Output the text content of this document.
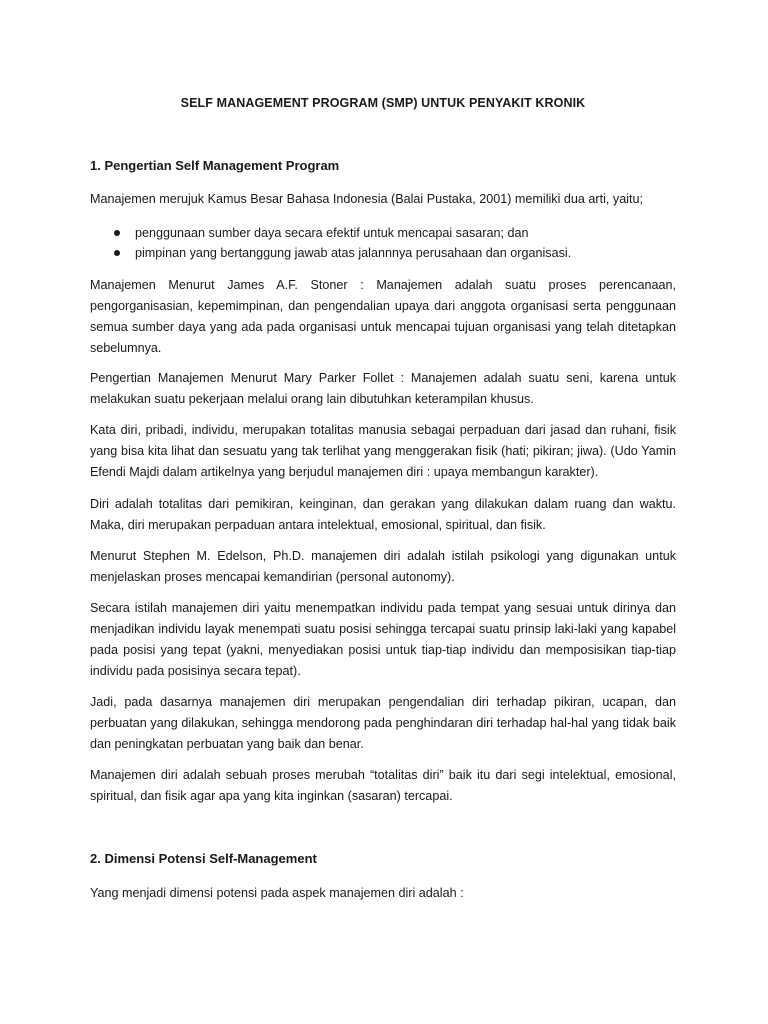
SELF MANAGEMENT PROGRAM (SMP) UNTUK PENYAKIT KRONIK
1. Pengertian Self Management Program
Manajemen merujuk Kamus Besar Bahasa Indonesia (Balai Pustaka, 2001) memiliki dua arti, yaitu;
penggunaan sumber daya secara efektif untuk mencapai sasaran; dan
pimpinan yang bertanggung jawab atas jalannnya perusahaan dan organisasi.
Manajemen Menurut James A.F. Stoner : Manajemen adalah suatu proses perencanaan, pengorganisasian, kepemimpinan, dan pengendalian upaya dari anggota organisasi serta penggunaan semua sumber daya yang ada pada organisasi untuk mencapai tujuan organisasi yang telah ditetapkan sebelumnya.
Pengertian Manajemen Menurut Mary Parker Follet : Manajemen adalah suatu seni, karena untuk melakukan suatu pekerjaan melalui orang lain dibutuhkan keterampilan khusus.
Kata diri, pribadi, individu, merupakan totalitas manusia sebagai perpaduan dari jasad dan ruhani, fisik yang bisa kita lihat dan sesuatu yang tak terlihat yang menggerakan fisik (hati; pikiran; jiwa). (Udo Yamin Efendi Majdi dalam artikelnya yang berjudul manajemen diri : upaya membangun karakter).
Diri adalah totalitas dari pemikiran, keinginan, dan gerakan yang dilakukan dalam ruang dan waktu. Maka, diri merupakan perpaduan antara intelektual, emosional, spiritual, dan fisik.
Menurut Stephen M. Edelson, Ph.D. manajemen diri adalah istilah psikologi yang digunakan untuk menjelaskan proses mencapai kemandirian (personal autonomy).
Secara istilah manajemen diri yaitu menempatkan individu pada tempat yang sesuai untuk dirinya dan menjadikan individu layak menempati suatu posisi sehingga tercapai suatu prinsip laki-laki yang kapabel pada posisi yang tepat (yakni, menyediakan posisi untuk tiap-tiap individu dan memposisikan tiap-tiap individu pada posisinya secara tepat).
Jadi, pada dasarnya manajemen diri merupakan pengendalian diri terhadap pikiran, ucapan, dan perbuatan yang dilakukan, sehingga mendorong pada penghindaran diri terhadap hal-hal yang tidak baik dan peningkatan perbuatan yang baik dan benar.
Manajemen diri adalah sebuah proses merubah “totalitas diri” baik itu dari segi intelektual, emosional, spiritual, dan fisik agar apa yang kita inginkan (sasaran) tercapai.
2. Dimensi Potensi Self-Management
Yang menjadi dimensi potensi pada aspek manajemen diri adalah :
